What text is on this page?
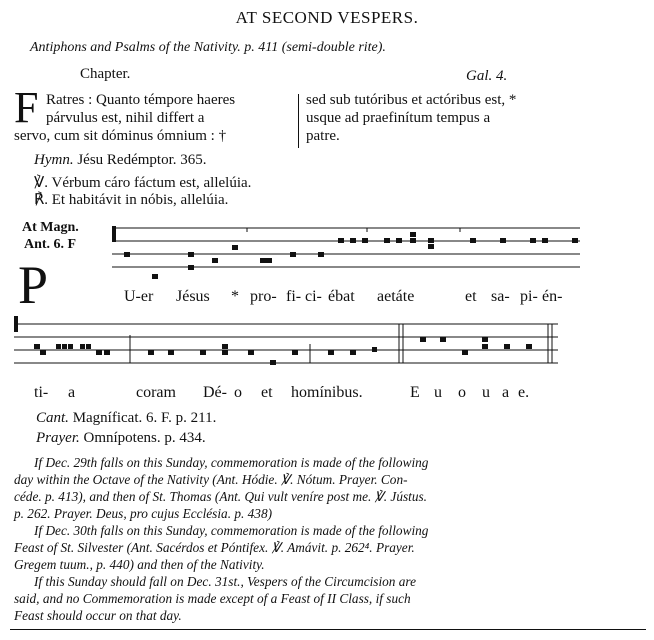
AT SECOND VESPERS.
Antiphons and Psalms of the Nativity. p. 411 (semi-double rite).
Chapter.	Gal. 4.
F Ratres : Quanto témpore haeres
párvulus est, nihil differt a
servo, cum sit dóminus ómnium : †
sed sub tutóribus et actóribus est, *
usque ad praefinítum tempus a
patre.
Hymn. Jésu Redémptor. 365.
℣. Vérbum cáro fáctum est, allelúia.
℟. Et habitávit in nóbis, allelúia.
At Magn.
Ant. 6. F
P	U-er Jésus * pro- fi- ci- ébat aetáte	et sa- pi- én-
ti- a	coram Dé- o et homínibus.	E u o u a e.
Cant. Magníficat. 6. F. p. 211.
Prayer. Omnípotens. p. 434.
If Dec. 29th falls on this Sunday, commemoration is made of the following
day within the Octave of the Nativity (Ant. Hódie. ℣. Nótum. Prayer. Con-
céde. p. 413), and then of St. Thomas (Ant. Qui vult veníre post me. ℣. Jústus.
p. 262. Prayer. Deus, pro cujus Ecclésia. p. 438)
If Dec. 30th falls on this Sunday, commemoration is made of the following
Feast of St. Silvester (Ant. Sacérdos et Póntifex. ℣. Amávit. p. 262⁴. Prayer.
Gregem tuum., p. 440) and then of the Nativity.
If this Sunday should fall on Dec. 31st., Vespers of the Circumcision are
said, and no Commemoration is made except of a Feast of II Class, if such
Feast should occur on that day.
